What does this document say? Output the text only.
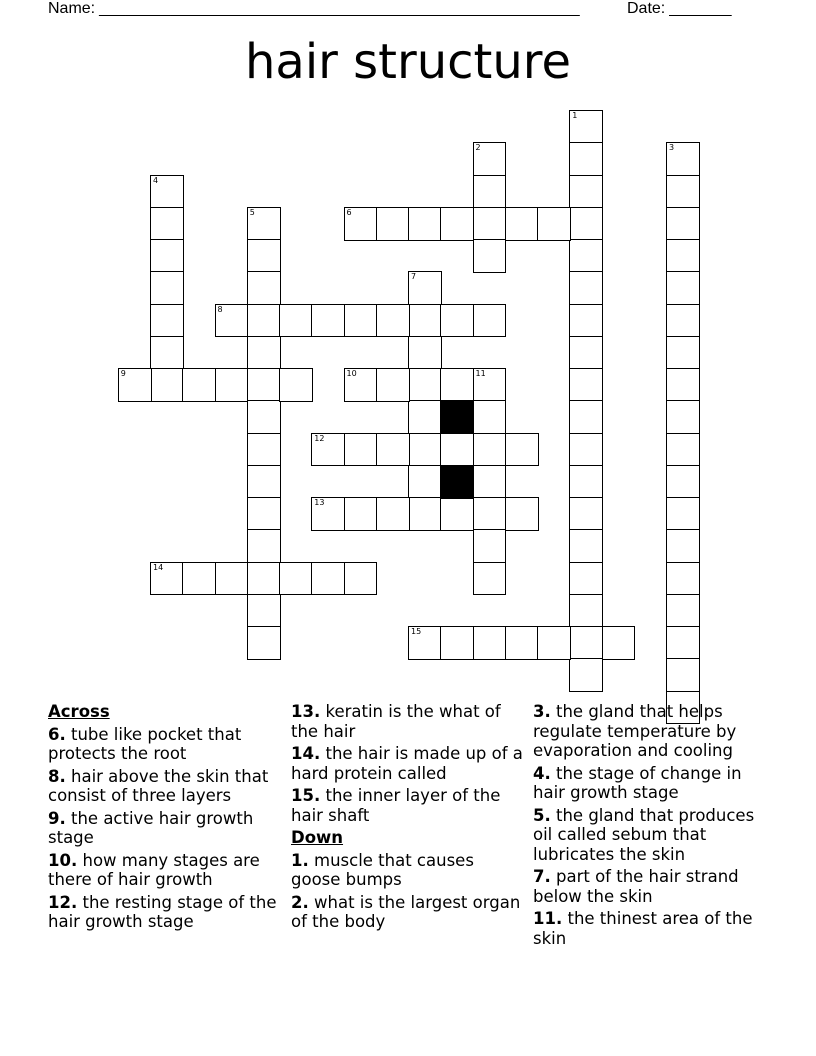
Name: ______________________________________________________	Date: _______
hair structure
1
2	3
4
5	6
7
8
9	10	11
12
13
14
15
Across
6. tube like pocket that protects the root
8. hair above the skin that consist of three layers
9. the active hair growth stage
10. how many stages are there of hair growth
12. the resting stage of the hair growth stage
13. keratin is the what of the hair
14. the hair is made up of a hard protein called
15. the inner layer of the hair shaft
Down
1. muscle that causes goose bumps
2. what is the largest organ of the body
3. the gland that helps regulate temperature by evaporation and cooling
4. the stage of change in hair growth stage
5. the gland that produces oil called sebum that lubricates the skin
7. part of the hair strand below the skin
11. the thinest area of the skin
